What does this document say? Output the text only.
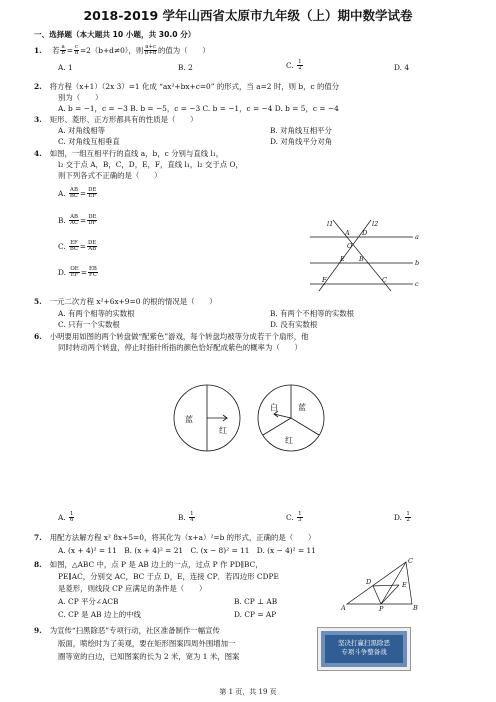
2018-2019 学年山西省太原市九年级（上）期中数学试卷
一、选择题（本大题共 10 小题，共 30.0 分）
1. 若 $\frac{a}{b} = \frac{c}{d} =2(b+d\ne 0)$，则 $\frac{a+c}{b+d}$ 的值为（　　）
A. 1	B. 2	C. $\frac{1}{2}$	D. 4
2. 将方程（x+1）（2x 3）=1 化成 “ax²+bx+c=0” 的形式，当 a=2 时，则 b，c 的值分
别为（　　）
A. b = −1，c = −3 B. b = −5，c = −3 C. b = −1，c = −4 D. b = 5，c = −4
3. 矩形、菱形、正方形都具有的性质是（　　）
A. 对角线相等	B. 对角线互相平分
C. 对角线互相垂直	D. 对角线平分对角
4. 如图，一组互相平行的直线 a，b，c 分别与直线 l₁，
l₂ 交于点 A，B，C，D，E，F，直线 l₁，l₂ 交于点 O，
则下列各式不正确的是（　　）
A. $\frac{AB}{BC} = \frac{DE}{EF}$
B. $\frac{AB}{AC} = \frac{DE}{DF}$
C. $\frac{EF}{BC} = \frac{DE}{AB}$
D. $\frac{OE}{EF} = \frac{EB}{FC}$
l1	l2
a
b
c
A D
O
E B
F	C
5. 一元二次方程 x²+6x+9=0 的根的情况是（　　）
A. 有两个相等的实数根	B. 有两个不相等的实数根
C. 只有一个实数根	D. 没有实数根
6. 小明要用如图的两个转盘做“配紫色”游戏，每个转盘均被等分成若干个扇形，他
同时转动两个转盘，停止时指针所指的颜色恰好配成紫色的概率为（　　）
蓝
红
白	蓝
红
A. $\frac{1}{6}$	B. $\frac{1}{4}$	C. $\frac{1}{3}$	D. $\frac{1}{2}$
7. 用配方法解方程 x² 8x+5=0，将其化为（x+a）²=b 的形式，正确的是（　　）
A. (x + 4)² = 11　B. (x + 4)² = 21　C. (x − 8)² = 11　D. (x − 4)² = 11
8. 如图，△ABC 中，点 P 是 AB 边上的一点，过点 P 作 PD∥BC，
PE∥AC，分别交 AC，BC 于点 D，E，连接 CP．若四边形 CDPE
是菱形，则线段 CP 应满足的条件是（　　）
A. CP 平分∠ACB	B. CP ⊥ AB
C. CP 是 AB 边上的中线	D. CP = AP
C
D	E
A	P	B
9. 为宣传“扫黑除恶”专项行动，社区准备制作一幅宣传
版面，喷绘时为了美观，要在矩形图案四周外围增加一
圈等宽的白边，已知图案的长为 2 米，宽为 1 米，图案
坚决打赢扫黑除恶
专项斗争整备战
第 1 页，共 19 页
